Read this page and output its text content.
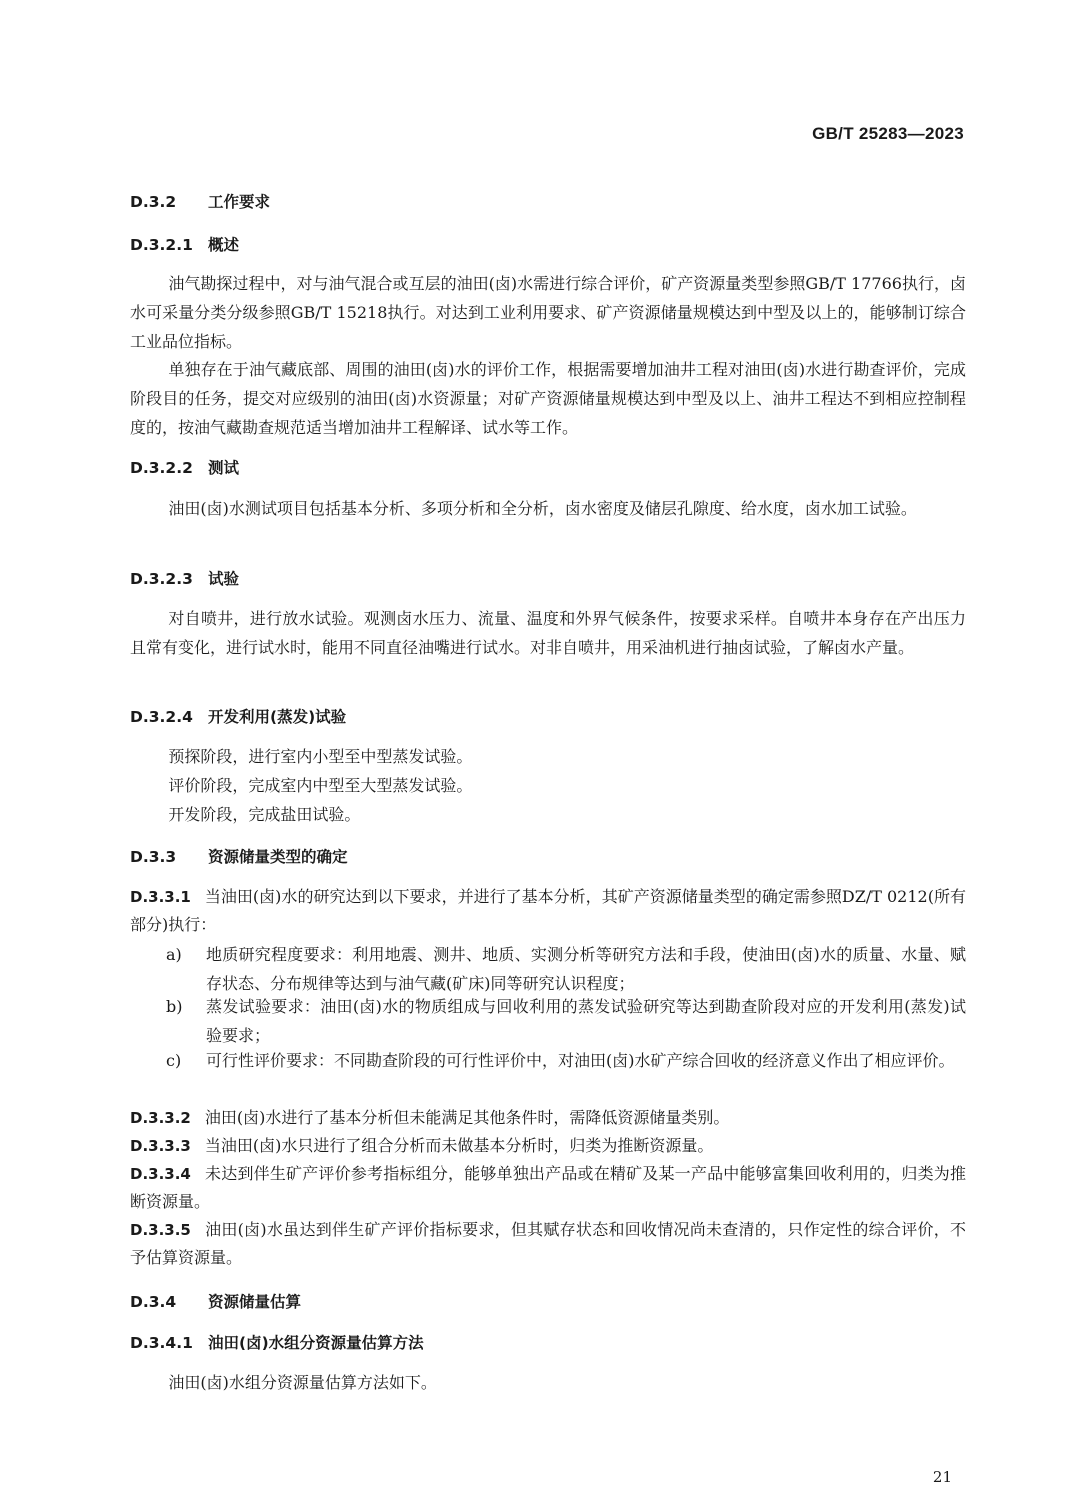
GB/T 25283—2023
D.3.2 工作要求
D.3.2.1 概述

油气勘探过程中，对与油气混合或互层的油田(卤)水需进行综合评价，矿产资源量类型参照GB/T 17766执行，卤水可采量分类分级参照GB/T 15218执行。对达到工业利用要求、矿产资源储量规模达到中型及以上的，能够制订综合工业品位指标。

单独存在于油气藏底部、周围的油田(卤)水的评价工作，根据需要增加油井工程对油田(卤)水进行勘查评价，完成阶段目的任务，提交对应级别的油田(卤)水资源量；对矿产资源储量规模达到中型及以上、油井工程达不到相应控制程度的，按油气藏勘查规范适当增加油井工程解译、试水等工作。

D.3.2.2 测试

油田(卤)水测试项目包括基本分析、多项分析和全分析，卤水密度及储层孔隙度、给水度，卤水加工试验。

D.3.2.3 试验

对自喷井，进行放水试验。观测卤水压力、流量、温度和外界气候条件，按要求采样。自喷井本身存在产出压力且常有变化，进行试水时，能用不同直径油嘴进行试水。对非自喷井，用采油机进行抽卤试验，了解卤水产量。

D.3.2.4 开发利用(蒸发)试验

预探阶段，进行室内小型至中型蒸发试验。

评价阶段，完成室内中型至大型蒸发试验。

开发阶段，完成盐田试验。

D.3.3 资源储量类型的确定

D.3.3.1 当油田(卤)水的研究达到以下要求，并进行了基本分析，其矿产资源储量类型的确定需参照DZ/T 0212(所有部分)执行：

a) 地质研究程度要求：利用地震、测井、地质、实测分析等研究方法和手段，使油田(卤)水的质量、水量、赋存状态、分布规律等达到与油气藏(矿床)同等研究认识程度；
b) 蒸发试验要求：油田(卤)水的物质组成与回收利用的蒸发试验研究等达到勘查阶段对应的开发利用(蒸发)试验要求；
c) 可行性评价要求：不同勘查阶段的可行性评价中，对油田(卤)水矿产综合回收的经济意义作出了相应评价。

D.3.3.2 油田(卤)水进行了基本分析但未能满足其他条件时，需降低资源储量类别。

D.3.3.3 当油田(卤)水只进行了组合分析而未做基本分析时，归类为推断资源量。

D.3.3.4 未达到伴生矿产评价参考指标组分，能够单独出产品或在精矿及某一产品中能够富集回收利用的，归类为推断资源量。

D.3.3.5 油田(卤)水虽达到伴生矿产评价指标要求，但其赋存状态和回收情况尚未查清的，只作定性的综合评价，不予估算资源量。

D.3.4 资源储量估算
D.3.4.1 油田(卤)水组分资源量估算方法

油田(卤)水组分资源量估算方法如下。

21
